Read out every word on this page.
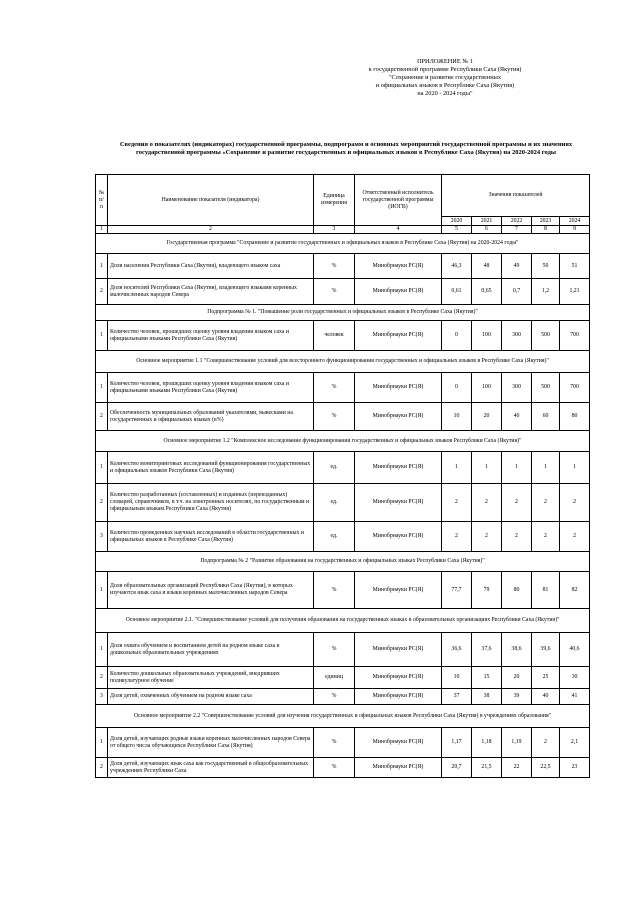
ПРИЛОЖЕНИЕ № 1
к государственной программе Республики Саха (Якутия)
"Сохранение и развитие государственных
и официальных языков в Республике Саха (Якутия)
на 2020 - 2024 годы"
Сведения о показателях (индикаторах) государственной программы, подпрограмм и основных мероприятий государственной программы и их значениях государственной программы «Сохранение и развитие государственных и официальных языков в Республике Саха (Якутия) на 2020-2024 годы
№ п/п	Наименование показателя (индикатора)	Единица измерения	Ответственный исполнитель государственной программы (ИОГВ)	Значения показателей				
				2020	2021	2022	2023	2024
1	2	3	4	5	6	7	8	9
Государственная программа "Сохранение и развитие государственных и официальных языков в Республике Саха (Якутия) на 2020-2024 годы"								
1	Доля населения Республики Саха (Якутия), владеющего языком саха	%	Минобрнауки РС(Я)	46,3	48	49	50	51
2	Доля носителей Республики Саха (Якутия), владеющего языками коренных малочисленных народов Севера	%	Минобрнауки РС(Я)	0,61	0,65	0,7	1,2	1,21
Подпрограмма № 1. "Повышение роли государственных и официальных языков в Республике Саха (Якутия)"								
1	Количество человек, прошедших оценку уровня владения языком саха и официальными языками Республики Саха (Якутия)	человек	Минобрнауки РС(Я)	0	100	300	500	700
Основное мероприятие 1.1 "Совершенствование условий для всестороннего функционирования государственных и официальных языков в Республике Саха (Якутия)"								
1	Количество человек, прошедших оценку уровня владения языком саха и официальными языками Республики Саха (Якутия)	%	Минобрнауки РС(Я)	0	100	300	500	700
2	Обеспеченность муниципальных образований указателями, вывесками на государственных и официальных языках (в%)	%	Минобрнауки РС(Я)	10	20	40	60	80
Основное мероприятие 1.2 "Комплексное исследование функционирования государственных и официальных языков Республики Саха (Якутия)"								
1	Количество мониторинговых исследований функционирования государственных и официальных языков Республики Саха (Якутия)	ед.	Минобрнауки РС(Я)	1	1	1	1	1
2	Количество разработанных (составленных) и изданных (переизданных) словарей, справочников, в т.ч. на электронных носителях, по государственным и официальным языкам Республики Саха (Якутия)	ед.	Минобрнауки РС(Я)	2	2	2	2	2
3	Количество проведенных научных исследований в области государственных и официальных языков в Республике Саха (Якутия)	ед.	Минобрнауки РС(Я)	2	2	2	2	2
Подпрограмма № 2 "Развитие образования на государственных и официальных языках Республики Саха (Якутия)"								
1	Доля образовательных организаций Республики Саха (Якутия), в которых изучаются язык саха и языки коренных малочисленных народов Севера	%	Минобрнауки РС(Я)	77,7	79	80	81	82
Основное мероприятие 2.1. "Совершенствование условий для получения образования на государственных языках в образовательных организациях Республики Саха (Якутия)"								
1	Доля охвата обучением и воспитанием детей на родном языке саха в дошкольных образовательных учреждениях	%	Минобрнауки РС(Я)	36,6	37,6	38,6	39,6	40,6
2	Количество дошкольных образовательных учреждений, внедривших поликультурное обучение	единиц	Минобрнауки РС(Я)	10	15	20	25	30
3	Доля детей, охваченных обучением на родном языке саха	%	Минобрнауки РС(Я)	37	38	39	40	41
Основное мероприятие 2.2 "Совершенствование условий для изучения государственных и официальных языков Республики Саха (Якутия) в учреждениях образования"								
1	Доля детей, изучающих родные языки коренных малочисленных народов Севера от общего числа обучающихся Республики Саха (Якутия)	%	Минобрнауки РС(Я)	1,17	1,18	1,19	2	2,1
2	Доля детей, изучающих язык саха как государственный в общеобразовательных учреждениях Республики Саха	%	Минобрнауки РС(Я)	20,7	21,5	22	22,5	23
